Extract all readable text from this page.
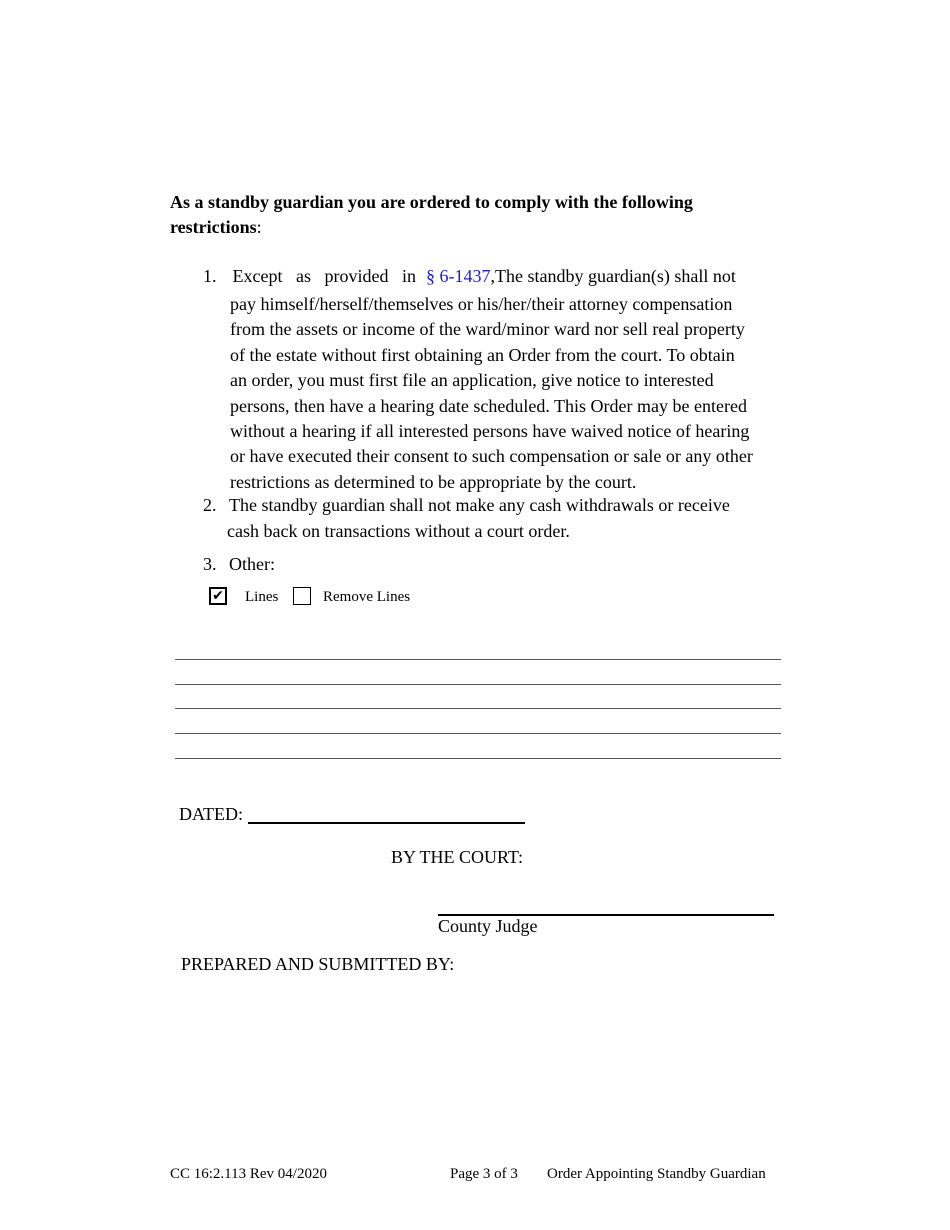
As a standby guardian you are ordered to comply with the following restrictions:
1. Except as provided in § 6-1437,The standby guardian(s) shall not
pay himself/herself/themselves or his/her/their attorney compensation
from the assets or income of the ward/minor ward nor sell real property
of the estate without first obtaining an Order from the court. To obtain
an order, you must first file an application, give notice to interested
persons, then have a hearing date scheduled. This Order may be entered
without a hearing if all interested persons have waived notice of hearing
or have executed their consent to such compensation or sale or any other
restrictions as determined to be appropriate by the court.
2. The standby guardian shall not make any cash withdrawals or receive
cash back on transactions without a court order.
3. Other:
✔ Lines	Remove Lines
DATED:
BY THE COURT:
County Judge
PREPARED AND SUBMITTED BY:
CC 16:2.113 Rev 04/2020	Page 3 of 3 Order Appointing Standby Guardian
